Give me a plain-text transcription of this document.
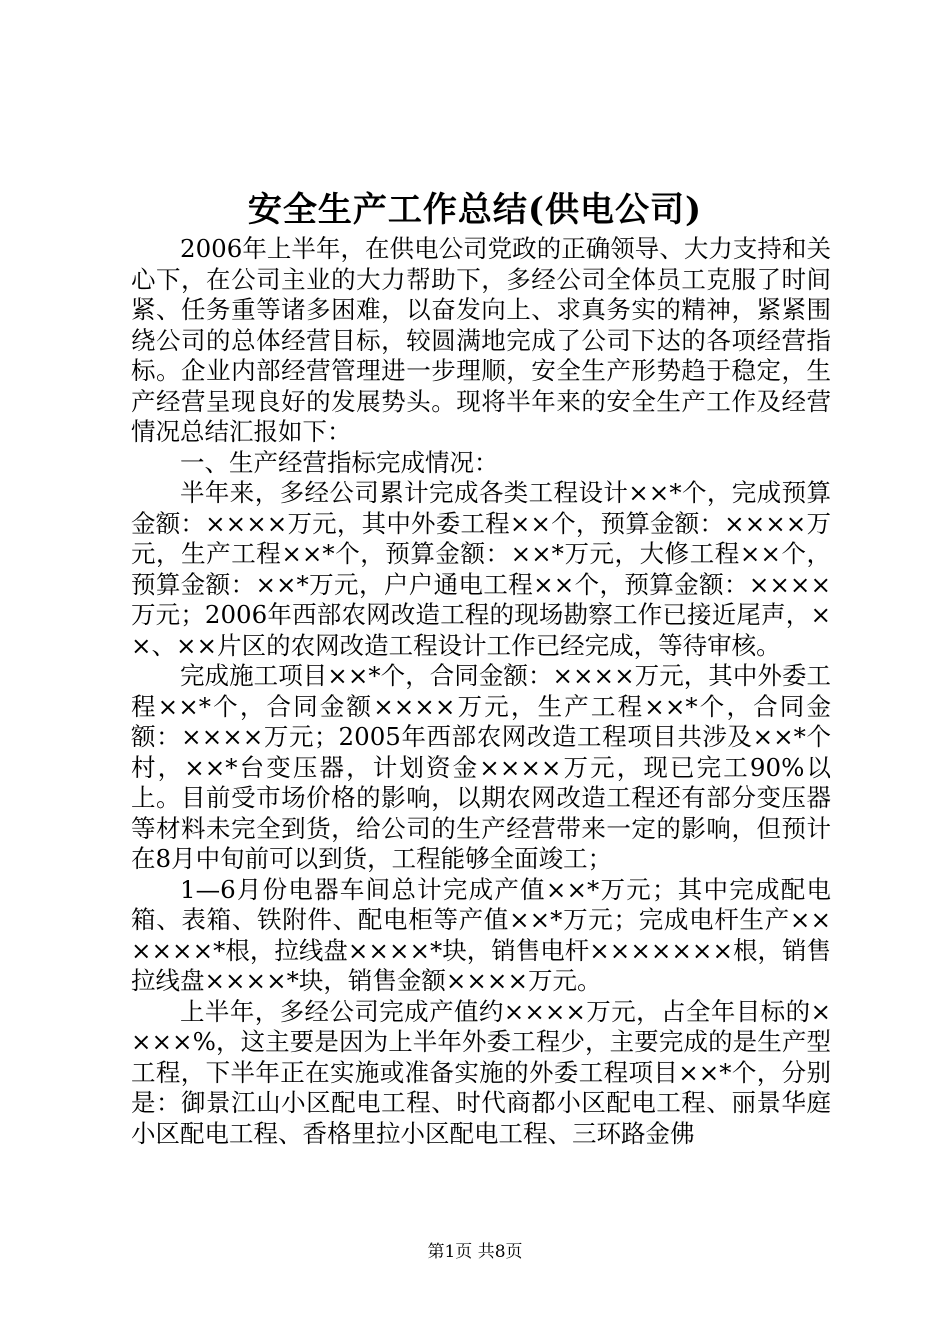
安全生产工作总结(供电公司)

2006年上半年，在供电公司党政的正确领导、大力支持和关心下，在公司主业的大力帮助下，多经公司全体员工克服了时间紧、任务重等诸多困难，以奋发向上、求真务实的精神，紧紧围绕公司的总体经营目标，较圆满地完成了公司下达的各项经营指标。企业内部经营管理进一步理顺，安全生产形势趋于稳定，生产经营呈现良好的发展势头。现将半年来的安全生产工作及经营情况总结汇报如下：

一、生产经营指标完成情况：

半年来，多经公司累计完成各类工程设计××*个，完成预算金额：××××万元，其中外委工程××个，预算金额：××××万元，生产工程××*个，预算金额：××*万元，大修工程××个，预算金额：××*万元，户户通电工程××个，预算金额：××××万元；2006年西部农网改造工程的现场勘察工作已接近尾声，××、××片区的农网改造工程设计工作已经完成，等待审核。

完成施工项目××*个，合同金额：××××万元，其中外委工程××*个，合同金额××××万元，生产工程××*个，合同金额：××××万元；2005年西部农网改造工程项目共涉及××*个村，××*台变压器，计划资金××××万元，现已完工90%以上。目前受市场价格的影响，以期农网改造工程还有部分变压器等材料未完全到货，给公司的生产经营带来一定的影响，但预计在8月中旬前可以到货，工程能够全面竣工；

1—6月份电器车间总计完成产值××*万元；其中完成配电箱、表箱、铁附件、配电柜等产值××*万元；完成电杆生产××××××*根，拉线盘××××*块，销售电杆×××××××根，销售拉线盘××××*块，销售金额××××万元。

上半年，多经公司完成产值约××××万元，占全年目标的××××%，这主要是因为上半年外委工程少，主要完成的是生产型工程，下半年正在实施或准备实施的外委工程项目××*个，分别是：御景江山小区配电工程、时代商都小区配电工程、丽景华庭小区配电工程、香格里拉小区配电工程、三环路金佛

第1页 共8页
